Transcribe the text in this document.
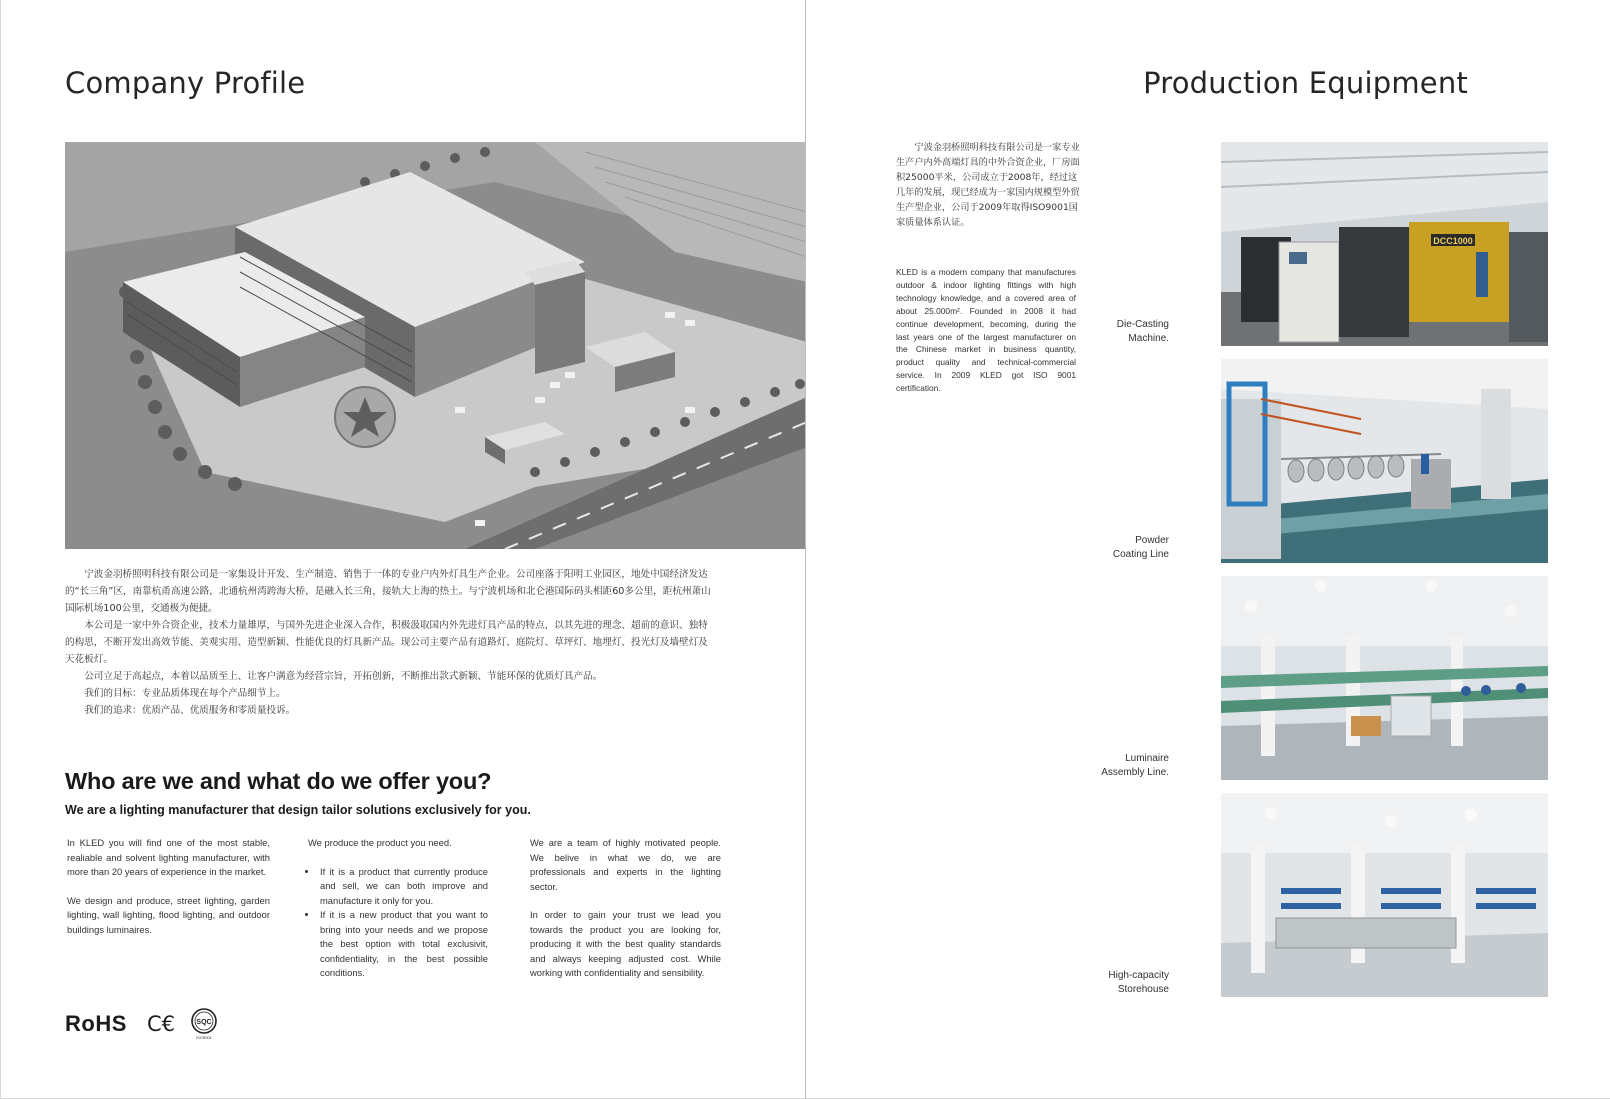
Company Profile

宁波金羽桥照明科技有限公司是一家集设计开发、生产制造、销售于一体的专业户内外灯具生产企业。公司座落于阳明工业园区，地处中国经济发达的“长三角”区，南靠杭甬高速公路，北通杭州湾跨海大桥，是融入长三角，接轨大上海的热土。与宁波机场和北仑港国际码头相距60多公里，距杭州萧山国际机场100公里，交通极为便捷。

本公司是一家中外合资企业，技术力量雄厚，与国外先进企业深入合作，积极汲取国内外先进灯具产品的特点，以其先进的理念、超前的意识、独特的构思，不断开发出高效节能、美观实用、造型新颖、性能优良的灯具新产品。现公司主要产品有道路灯、庭院灯、草坪灯、地埋灯、投光灯及墙壁灯及天花板灯。

公司立足于高起点，本着以品质至上、让客户满意为经营宗旨，开拓创新，不断推出款式新颖、节能环保的优质灯具产品。

我们的目标：专业品质体现在每个产品细节上。

我们的追求：优质产品、优质服务和零质量投诉。

Who are we and what do we offer you?

We are a lighting manufacturer that design tailor solutions exclusively for you.

In KLED you will find one of the most stable, realiable and solvent lighting manufacturer, with more than 20 years of experience in the market.

We design and produce, street lighting, garden lighting, wall lighting, flood lighting, and outdoor buildings luminaires.

We produce the product you need.

• If it is a product that currently produce and sell, we can both improve and manufacture it only for you.
• If it is a new product that you want to bring into your needs and we propose the best option with total exclusivit, confidentiality, in the best possible conditions.

We are a team of highly motivated people. We belive in what we do, we are professionals and experts in the lighting sector.

In order to gain your trust we lead you towards the product you are looking for, producing it with the best quality standards and always keeping adjusted cost. While working with confidentiality and sensibility.

RoHS C€	SQC
ISO9001
Production Equipment

宁波金羽桥照明科技有限公司是一家专业生产户内外高端灯具的中外合资企业，厂房面积25000平米，公司成立于2008年，经过这几年的发展，现已经成为一家国内规模型外贸生产型企业，公司于2009年取得ISO9001国家质量体系认证。

KLED is a modern company that manufactures outdoor & indoor lighting fittings with high technology knowledge, and a covered area of about 25.000m². Founded in 2008 it had continue development, becoming, during the last years one of the largest manufacturer on the Chinese market in business quantity, product quality and technical-commercial service. In 2009 KLED got ISO 9001 certification.

DCC1000

Die-Casting
Machine.

Powder
Coating Line

Luminaire
Assembly Line.

High-capacity
Storehouse
